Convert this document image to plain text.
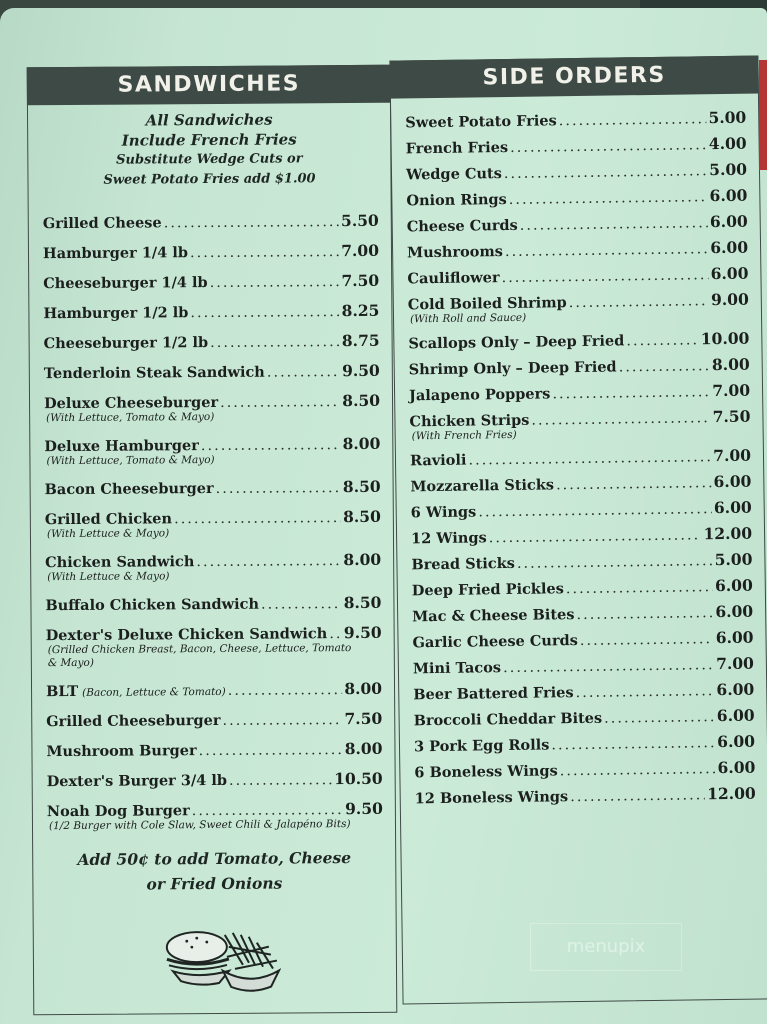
SANDWICHES
All Sandwiches
Include French Fries
Substitute Wedge Cuts or
Sweet Potato Fries add $1.00
Grilled Cheese .....	5.50
Hamburger 1/4 lb .....	7.00
Cheeseburger 1/4 lb .....	7.50
Hamburger 1/2 lb .....	8.25
Cheeseburger 1/2 lb .....	8.75
Tenderloin Steak Sandwich .....	9.50
Deluxe Cheeseburger .....	8.50
(With Lettuce, Tomato & Mayo)
Deluxe Hamburger .....	8.00
(With Lettuce, Tomato & Mayo)
Bacon Cheeseburger .....	8.50
Grilled Chicken .....	8.50
(With Lettuce & Mayo)
Chicken Sandwich .....	8.00
(With Lettuce & Mayo)
Buffalo Chicken Sandwich .....	8.50
Dexter's Deluxe Chicken Sandwich ..... 9.50
(Grilled Chicken Breast, Bacon, Cheese, Lettuce, Tomato & Mayo)
BLT (Bacon, Lettuce & Tomato) .....	8.00
Grilled Cheeseburger .....	7.50
Mushroom Burger .....	8.00
Dexter's Burger 3/4 lb .....	10.50
Noah Dog Burger .....	9.50
(1/2 Burger with Cole Slaw, Sweet Chili & Jalapéno Bits)
Add 50¢ to add Tomato, Cheese
or Fried Onions
SIDE ORDERS
Sweet Potato Fries .....	5.00
French Fries .....	4.00
Wedge Cuts .....	5.00
Onion Rings .....	6.00
Cheese Curds .....	6.00
Mushrooms .....	6.00
Cauliflower .....	6.00
Cold Boiled Shrimp .....	9.00
(With Roll and Sauce)
Scallops Only – Deep Fried .....	10.00
Shrimp Only – Deep Fried .....	8.00
Jalapeno Poppers .....	7.00
Chicken Strips .....	7.50
(With French Fries)
Ravioli .....	7.00
Mozzarella Sticks .....	6.00
6 Wings .....	6.00
12 Wings .....	12.00
Bread Sticks .....	5.00
Deep Fried Pickles .....	6.00
Mac & Cheese Bites .....	6.00
Garlic Cheese Curds .....	6.00
Mini Tacos .....	7.00
Beer Battered Fries .....	6.00
Broccoli Cheddar Bites .....	6.00
3 Pork Egg Rolls .....	6.00
6 Boneless Wings .....	6.00
12 Boneless Wings .....	12.00
menupix
